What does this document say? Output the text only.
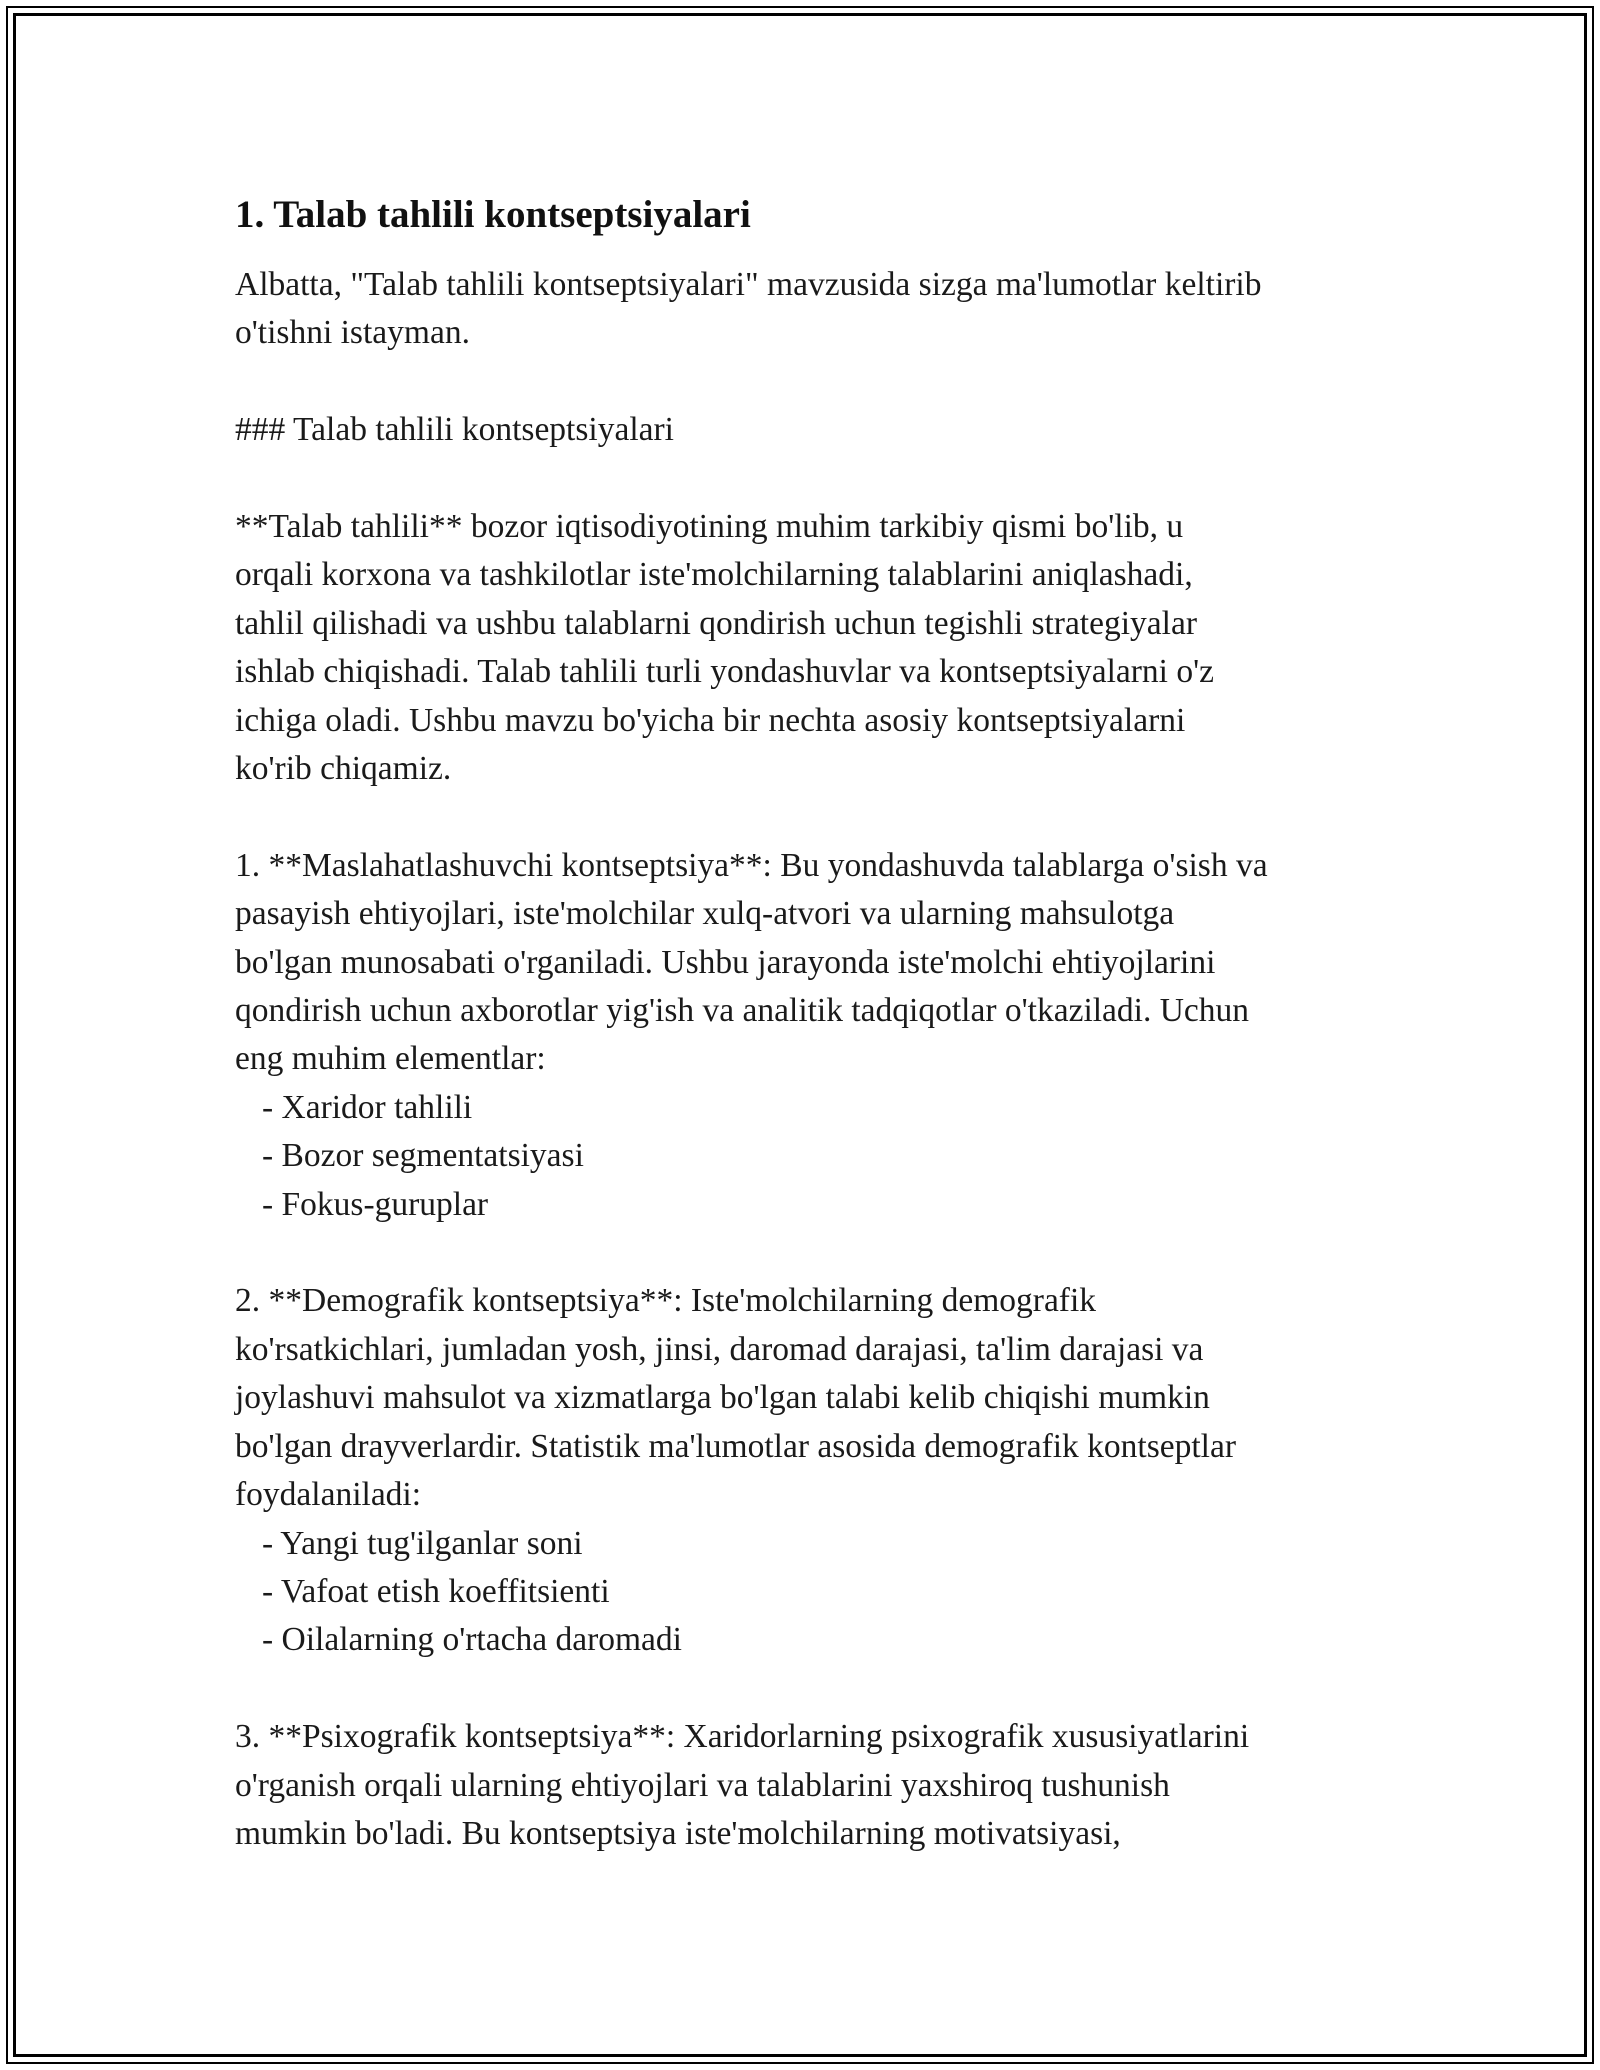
1. Talab tahlili kontseptsiyalari

Albatta, "Talab tahlili kontseptsiyalari" mavzusida sizga ma'lumotlar keltirib
o'tishni istayman.

### Talab tahlili kontseptsiyalari

**Talab tahlili** bozor iqtisodiyotining muhim tarkibiy qismi bo'lib, u
orqali korxona va tashkilotlar iste'molchilarning talablarini aniqlashadi,
tahlil qilishadi va ushbu talablarni qondirish uchun tegishli strategiyalar
ishlab chiqishadi. Talab tahlili turli yondashuvlar va kontseptsiyalarni o'z
ichiga oladi. Ushbu mavzu bo'yicha bir nechta asosiy kontseptsiyalarni
ko'rib chiqamiz.

1. **Maslahatlashuvchi kontseptsiya**: Bu yondashuvda talablarga o'sish va
pasayish ehtiyojlari, iste'molchilar xulq-atvori va ularning mahsulotga
bo'lgan munosabati o'rganiladi. Ushbu jarayonda iste'molchi ehtiyojlarini
qondirish uchun axborotlar yig'ish va analitik tadqiqotlar o'tkaziladi. Uchun
eng muhim elementlar:

- Xaridor tahlili
- Bozor segmentatsiyasi
- Fokus-guruplar

2. **Demografik kontseptsiya**: Iste'molchilarning demografik
ko'rsatkichlari, jumladan yosh, jinsi, daromad darajasi, ta'lim darajasi va
joylashuvi mahsulot va xizmatlarga bo'lgan talabi kelib chiqishi mumkin
bo'lgan drayverlardir. Statistik ma'lumotlar asosida demografik kontseptlar
foydalaniladi:

- Yangi tug'ilganlar soni
- Vafoat etish koeffitsienti
- Oilalarning o'rtacha daromadi

3. **Psixografik kontseptsiya**: Xaridorlarning psixografik xususiyatlarini
o'rganish orqali ularning ehtiyojlari va talablarini yaxshiroq tushunish
mumkin bo'ladi. Bu kontseptsiya iste'molchilarning motivatsiyasi,
